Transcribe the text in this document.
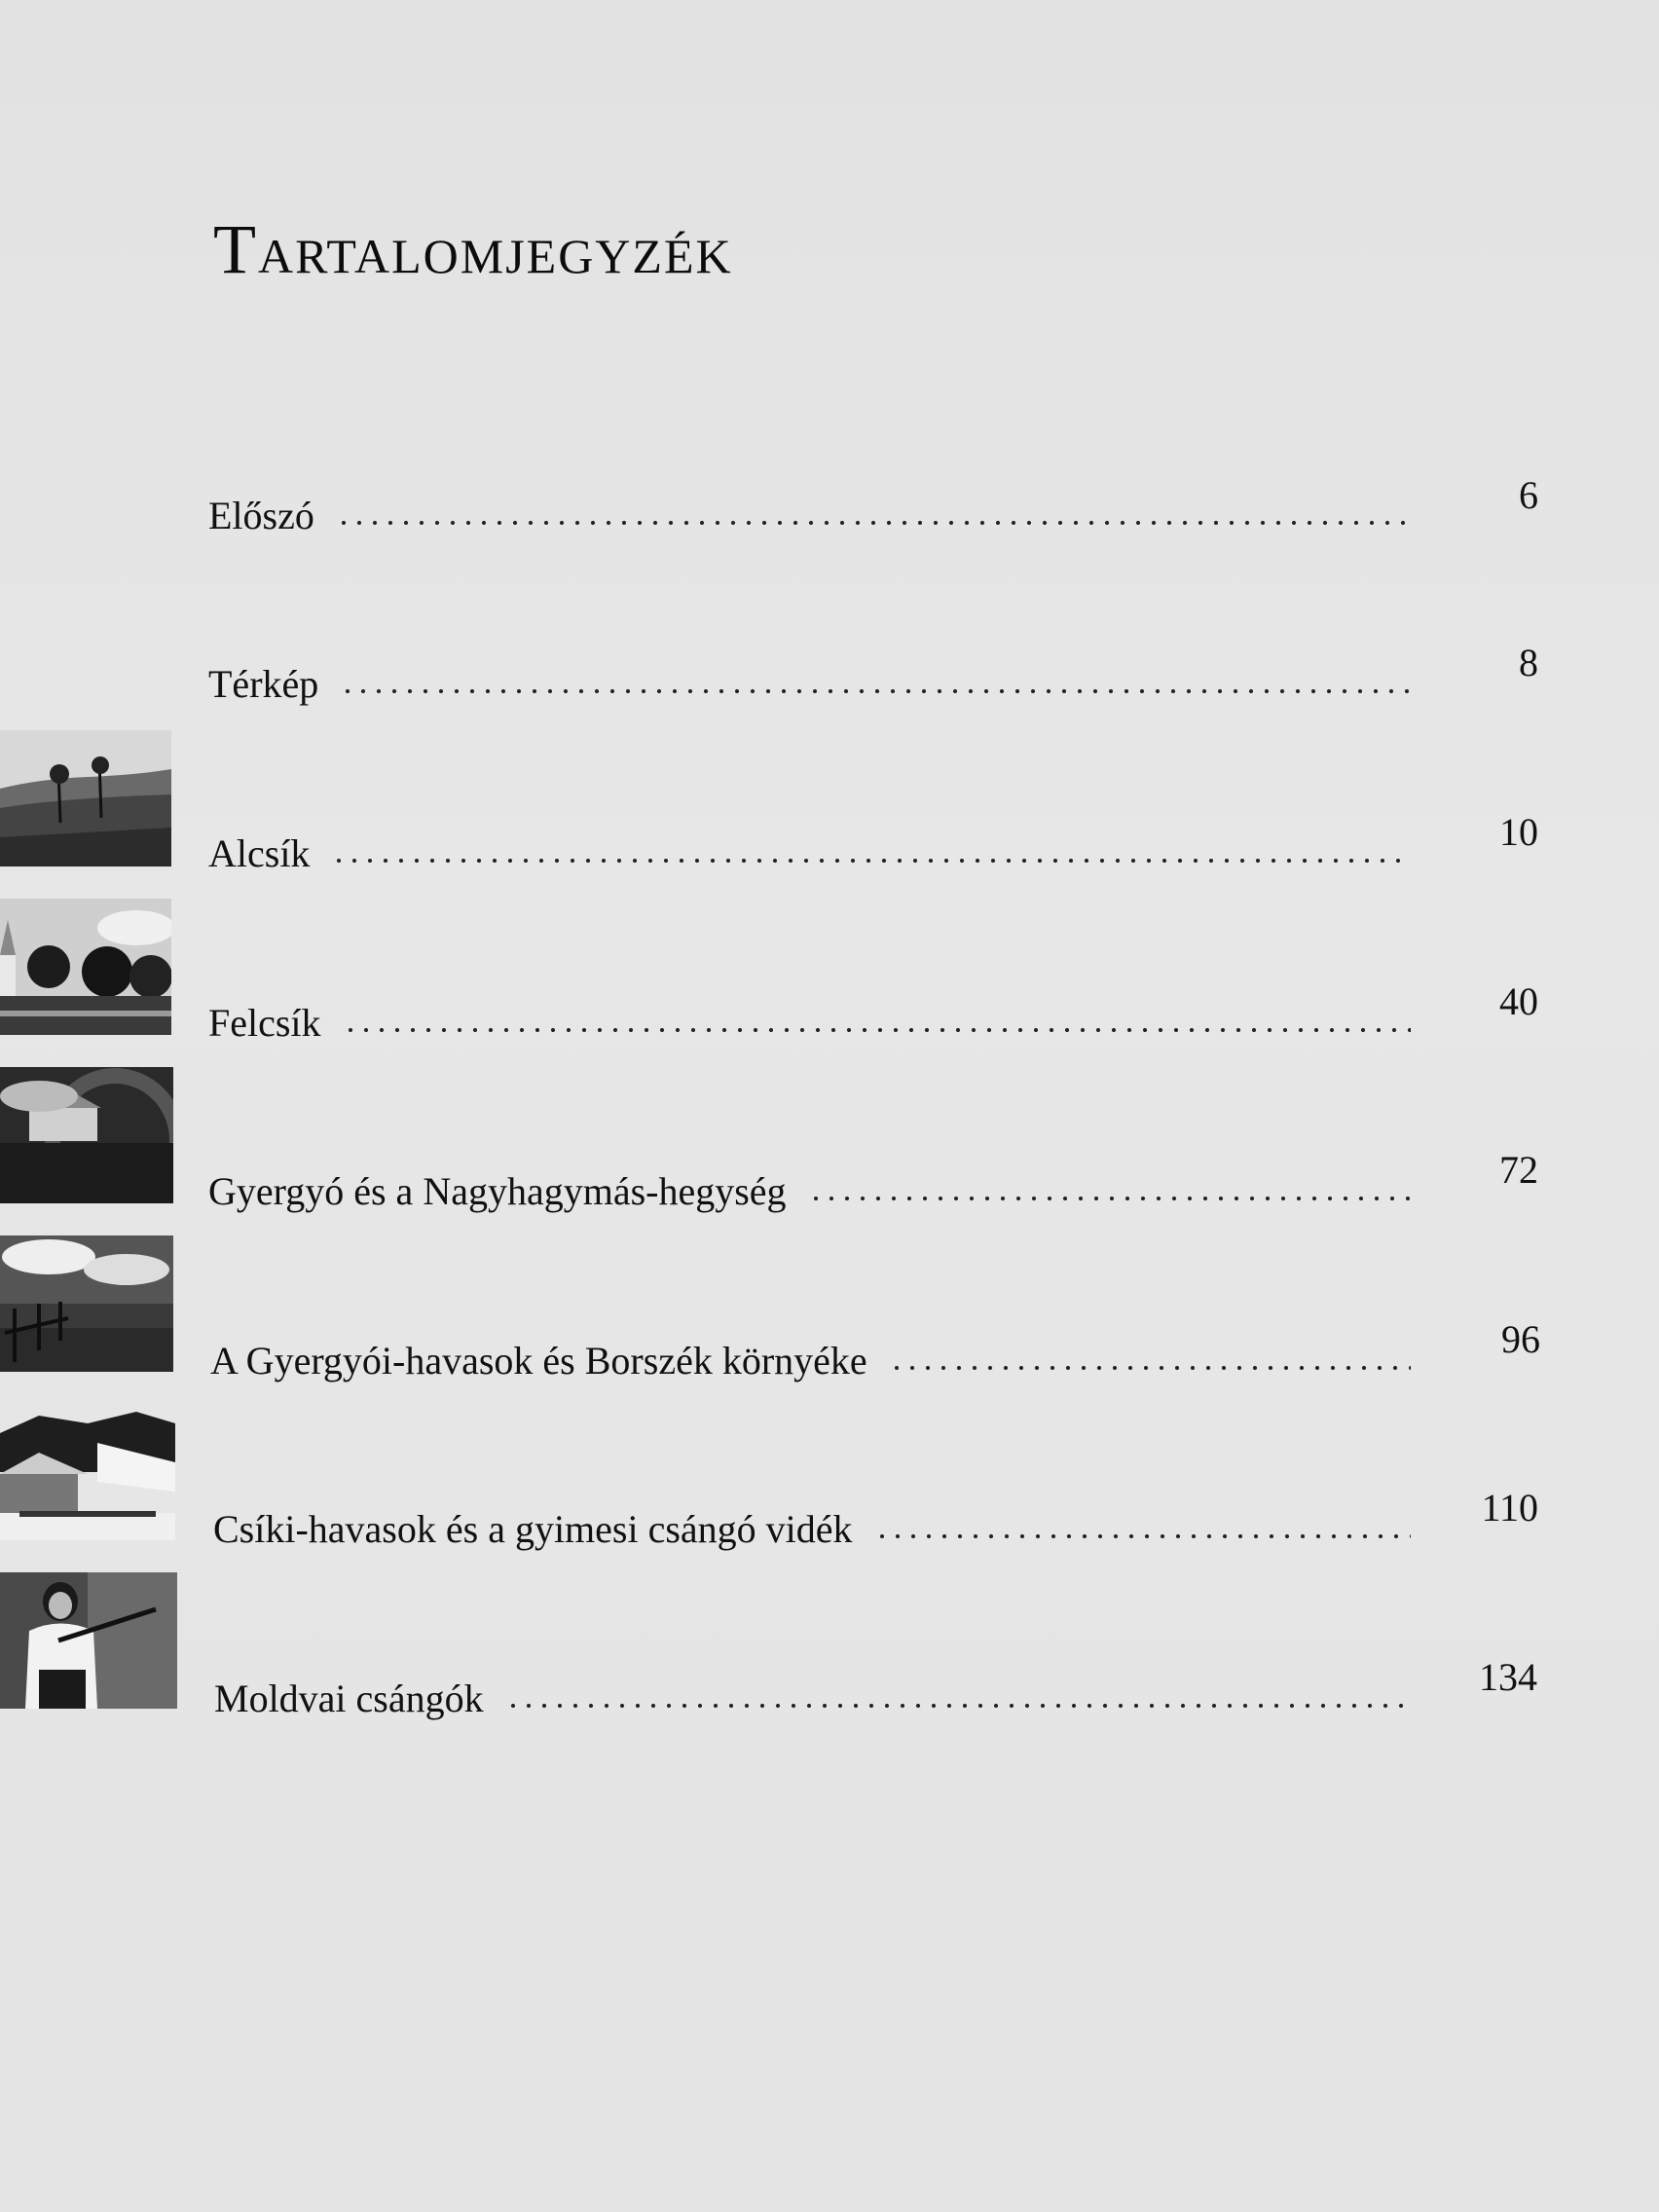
Tartalomjegyzék
Előszó	6
Térkép	8
Alcsík	10
Felcsík	40
Gyergyó és a Nagyhagymás-hegység	72
A Gyergyói-havasok és Borszék környéke	96
Csíki-havasok és a gyimesi csángó vidék	110
Moldvai csángók	134
